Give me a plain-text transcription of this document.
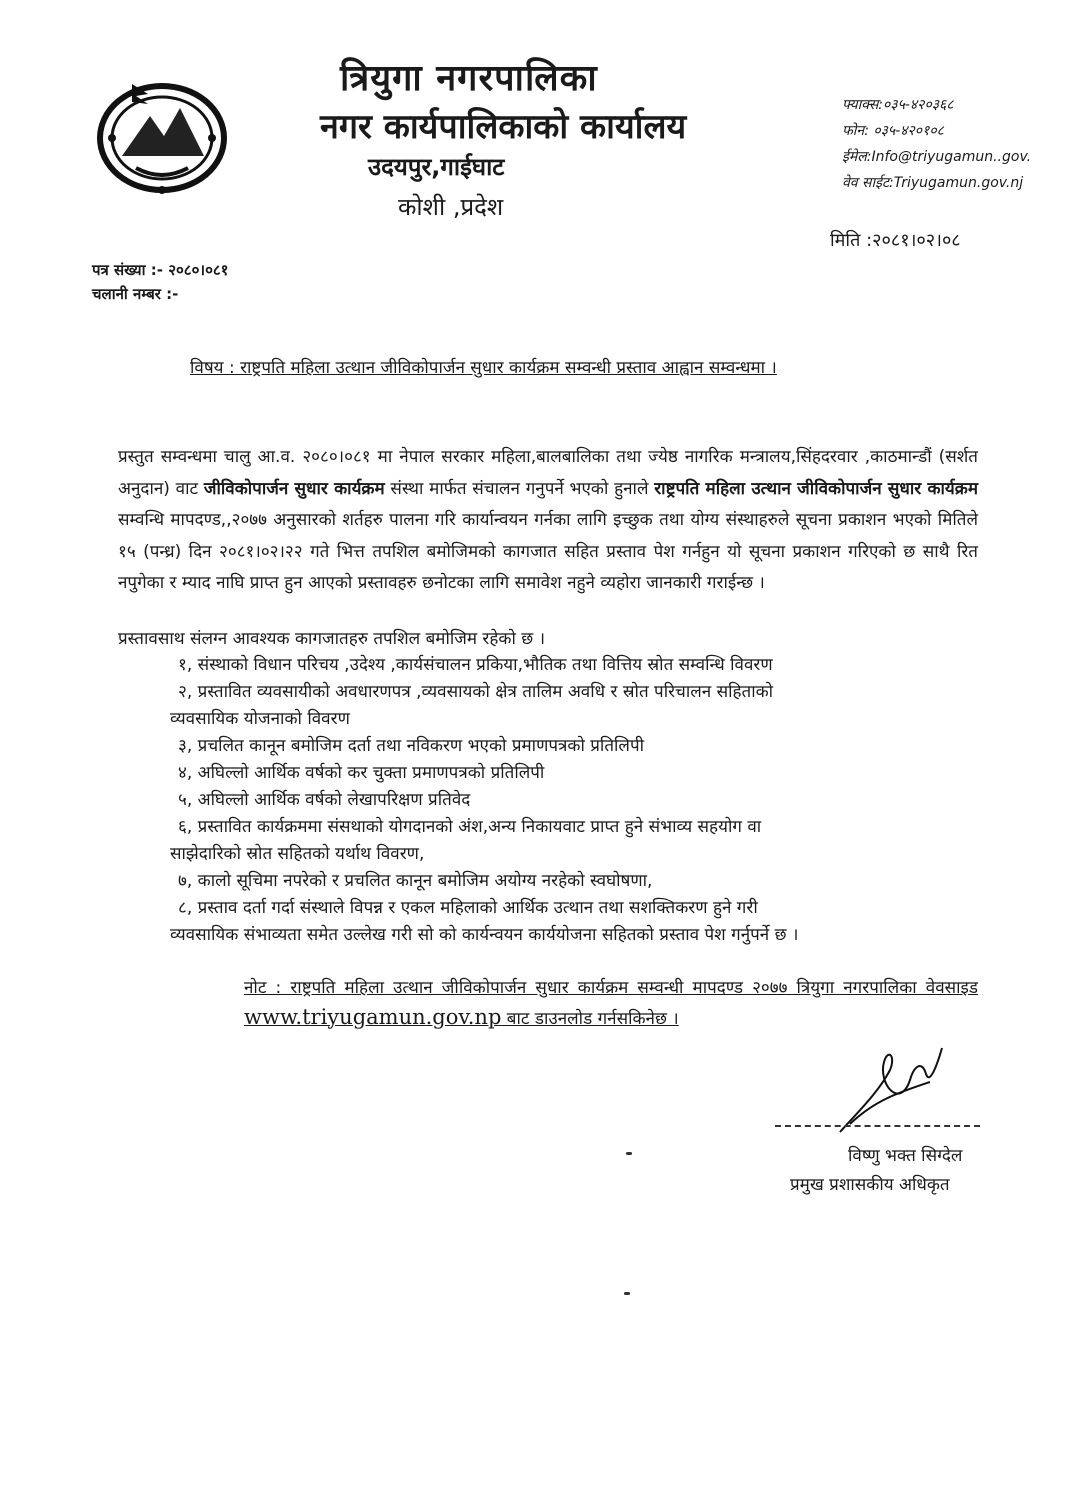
त्रियुगा नगरपालिका
नगर कार्यपालिकाको कार्यालय
उदयपुर,गाईघाट
कोशी ,प्रदेश
फ्याक्स:०३५-४२०३६८
फोन: ०३५-४२०१०८
ईमेल:Info@triyugamun..gov.
वेव साईट:Triyugamun.gov.nj
मिति :२०८१।०२।०८
पत्र संख्या :- २०८०।०८१
चलानी नम्बर :-
विषय : राष्ट्रपति महिला उत्थान जीविकोपार्जन सुधार कार्यक्रम सम्वन्धी प्रस्ताव आह्वान सम्वन्धमा ।
प्रस्तुत सम्वन्धमा चालु आ.व. २०८०।०८१ मा नेपाल सरकार महिला,बालबालिका तथा ज्येष्ठ नागरिक मन्त्रालय,सिंहदरवार ,काठमान्डौं (सर्शत अनुदान) वाट जीविकोपार्जन सुधार कार्यक्रम संस्था मार्फत संचालन गनुपर्ने भएको हुनाले राष्ट्रपति महिला उत्थान जीविकोपार्जन सुधार कार्यक्रम सम्वन्धि मापदण्ड,,२०७७ अनुसारको शर्तहरु पालना गरि कार्यान्वयन गर्नका लागि इच्छुक तथा योग्य संस्थाहरुले सूचना प्रकाशन भएको मितिले १५ (पन्ध्र) दिन २०८१।०२।२२ गते भित्त तपशिल बमोजिमको कागजात सहित प्रस्ताव पेश गर्नहुन यो सूचना प्रकाशन गरिएको छ साथै रित नपुगेका र म्याद नाघि प्राप्त हुन आएको प्रस्तावहरु छनोटका लागि समावेश नहुने व्यहोरा जानकारी गराईन्छ ।
प्रस्तावसाथ संलग्न आवश्यक कागजातहरु तपशिल बमोजिम रहेको छ ।
१, संस्थाको विधान परिचय ,उदेश्य ,कार्यसंचालन प्रकिया,भौतिक तथा वित्तिय स्रोत सम्वन्धि विवरण
२, प्रस्तावित व्यवसायीको अवधारणपत्र ,व्यवसायको क्षेत्र तालिम अवधि र स्रोत परिचालन सहिताको
व्यवसायिक योजनाको विवरण
३, प्रचलित कानून बमोजिम दर्ता तथा नविकरण भएको प्रमाणपत्रको प्रतिलिपी
४, अघिल्लो आर्थिक वर्षको कर चुक्ता प्रमाणपत्रको प्रतिलिपी
५, अघिल्लो आर्थिक वर्षको लेखापरिक्षण प्रतिवेद
६, प्रस्तावित कार्यक्रममा संसथाको योगदानको अंश,अन्य निकायवाट प्राप्त हुने संभाव्य सहयोग वा
साझेदारिको स्रोत सहितको यर्थाथ विवरण,
७, कालो सूचिमा नपरेको र प्रचलित कानून बमोजिम अयोग्य नरहेको स्वघोषणा,
८, प्रस्ताव दर्ता गर्दा संस्थाले विपन्न र एकल महिलाको आर्थिक उत्थान तथा सशक्तिकरण हुने गरी
व्यवसायिक संभाव्यता समेत उल्लेख गरी सो को कार्यन्वयन कार्ययोजना सहितको प्रस्ताव पेश गर्नुपर्ने छ ।
नोट : राष्ट्रपति महिला उत्थान जीविकोपार्जन सुधार कार्यक्रम सम्वन्धी मापदण्ड २०७७ त्रियुगा नगरपालिका वेवसाइड www.triyugamun.gov.np बाट डाउनलोड गर्नसकिनेछ ।
विष्णु भक्त सिग्देल
प्रमुख प्रशासकीय अधिकृत
